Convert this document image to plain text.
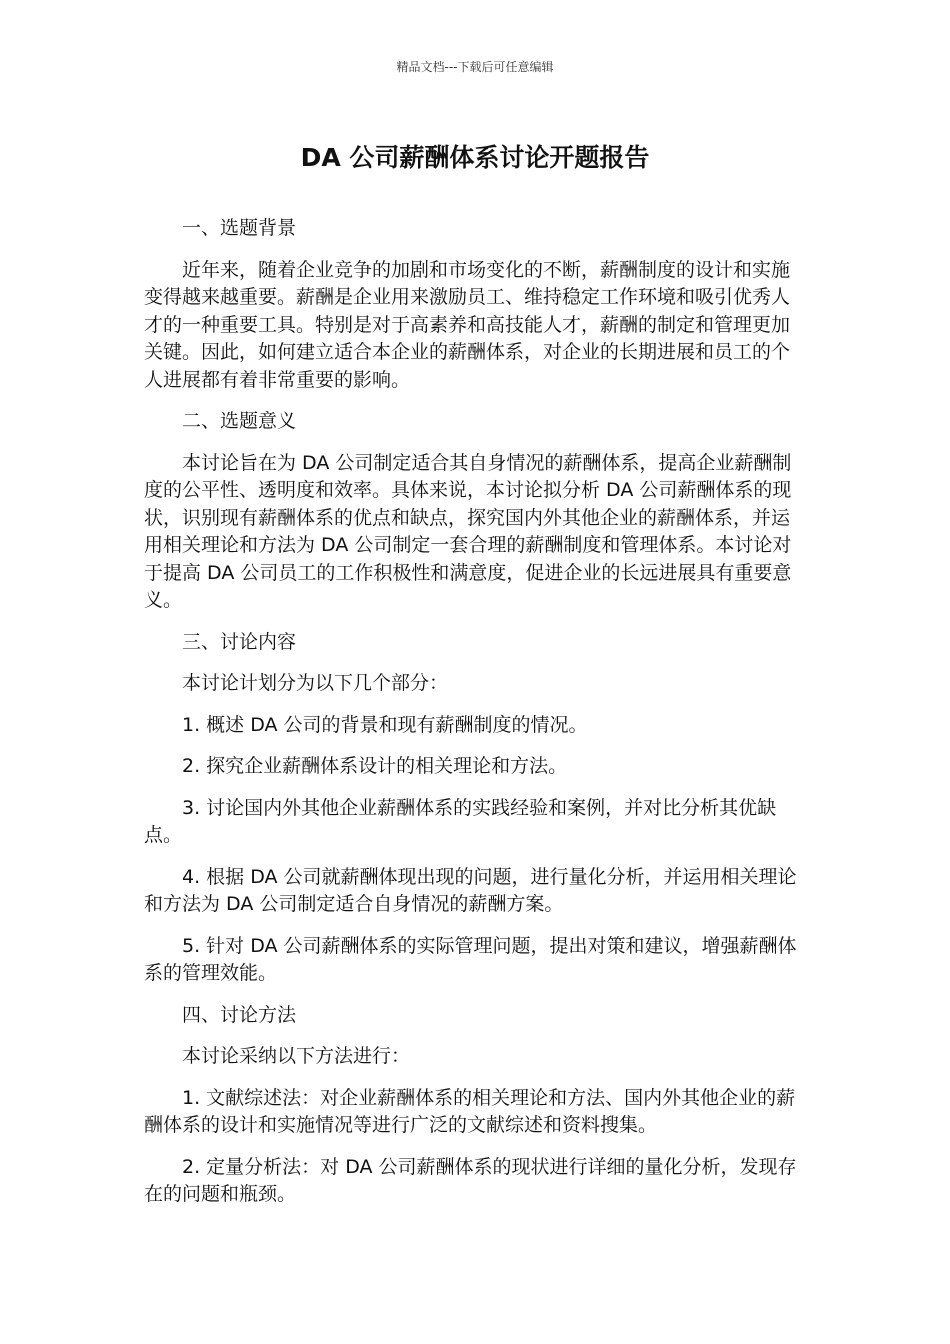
精品文档---下载后可任意编辑
DA 公司薪酬体系讨论开题报告

一、选题背景

近年来，随着企业竞争的加剧和市场变化的不断，薪酬制度的设计和实施变得越来越重要。薪酬是企业用来激励员工、维持稳定工作环境和吸引优秀人才的一种重要工具。特别是对于高素养和高技能人才，薪酬的制定和管理更加关键。因此，如何建立适合本企业的薪酬体系，对企业的长期进展和员工的个人进展都有着非常重要的影响。

二、选题意义

本讨论旨在为 DA 公司制定适合其自身情况的薪酬体系，提高企业薪酬制度的公平性、透明度和效率。具体来说，本讨论拟分析 DA 公司薪酬体系的现状，识别现有薪酬体系的优点和缺点，探究国内外其他企业的薪酬体系，并运用相关理论和方法为 DA 公司制定一套合理的薪酬制度和管理体系。本讨论对于提高 DA 公司员工的工作积极性和满意度，促进企业的长远进展具有重要意义。

三、讨论内容

本讨论计划分为以下几个部分：

1. 概述 DA 公司的背景和现有薪酬制度的情况。

2. 探究企业薪酬体系设计的相关理论和方法。

3. 讨论国内外其他企业薪酬体系的实践经验和案例，并对比分析其优缺点。

4. 根据 DA 公司就薪酬体现出现的问题，进行量化分析，并运用相关理论和方法为 DA 公司制定适合自身情况的薪酬方案。

5. 针对 DA 公司薪酬体系的实际管理问题，提出对策和建议，增强薪酬体系的管理效能。

四、讨论方法

本讨论采纳以下方法进行：

1. 文献综述法：对企业薪酬体系的相关理论和方法、国内外其他企业的薪酬体系的设计和实施情况等进行广泛的文献综述和资料搜集。

2. 定量分析法：对 DA 公司薪酬体系的现状进行详细的量化分析，发现存在的问题和瓶颈。
